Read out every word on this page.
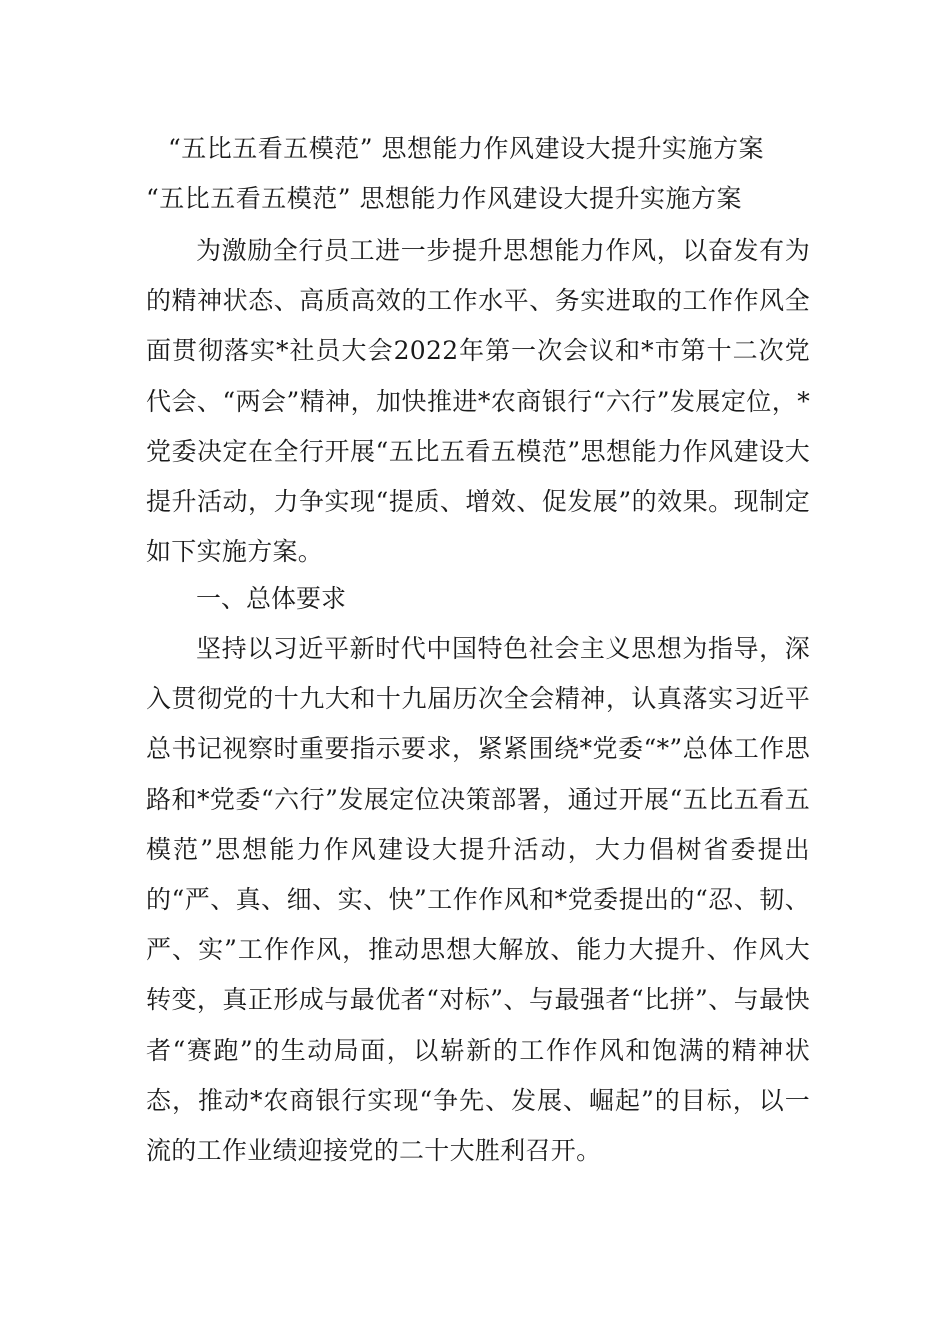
“五比五看五模范” 思想能力作风建设大提升实施方案
“五比五看五模范” 思想能力作风建设大提升实施方案
为激励全行员工进一步提升思想能力作风，以奋发有为的精神状态、高质高效的工作水平、务实进取的工作作风全面贯彻落实*社员大会2022年第一次会议和*市第十二次党代会、“两会”精神，加快推进*农商银行“六行”发展定位，*党委决定在全行开展“五比五看五模范”思想能力作风建设大提升活动，力争实现“提质、增效、促发展”的效果。现制定如下实施方案。
一、总体要求
坚持以习近平新时代中国特色社会主义思想为指导，深入贯彻党的十九大和十九届历次全会精神，认真落实习近平总书记视察时重要指示要求，紧紧围绕*党委“*”总体工作思路和*党委“六行”发展定位决策部署，通过开展“五比五看五模范”思想能力作风建设大提升活动，大力倡树省委提出的“严、真、细、实、快”工作作风和*党委提出的“忍、韧、严、实”工作作风，推动思想大解放、能力大提升、作风大转变，真正形成与最优者“对标”、与最强者“比拼”、与最快者“赛跑”的生动局面，以崭新的工作作风和饱满的精神状态，推动*农商银行实现“争先、发展、崛起”的目标，以一流的工作业绩迎接党的二十大胜利召开。
